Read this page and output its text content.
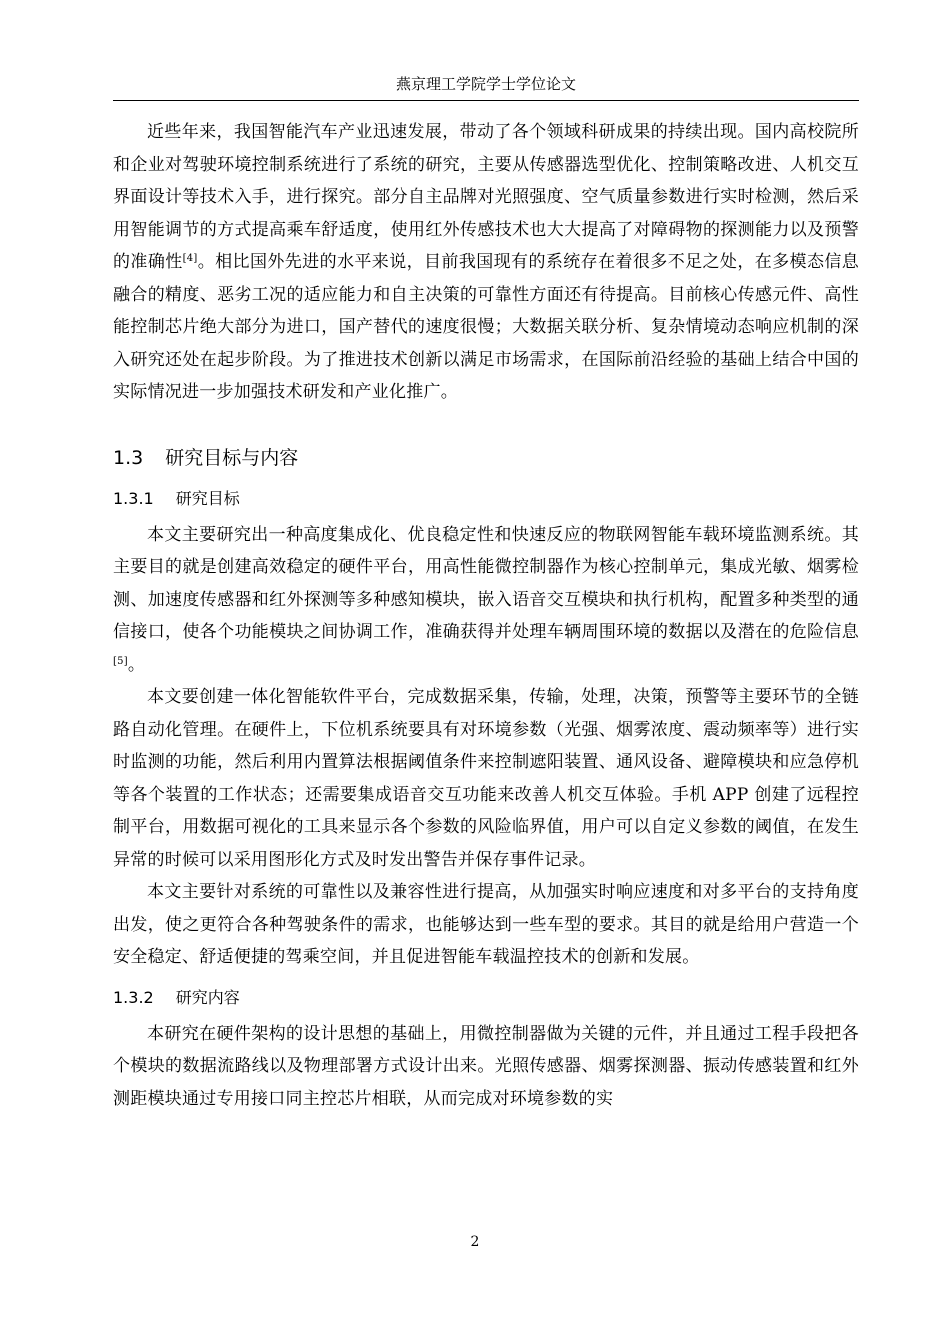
燕京理工学院学士学位论文

近些年来，我国智能汽车产业迅速发展，带动了各个领域科研成果的持续出现。国内高校院所和企业对驾驶环境控制系统进行了系统的研究，主要从传感器选型优化、控制策略改进、人机交互界面设计等技术入手，进行探究。部分自主品牌对光照强度、空气质量参数进行实时检测，然后采用智能调节的方式提高乘车舒适度，使用红外传感技术也大大提高了对障碍物的探测能力以及预警的准确性[4]。相比国外先进的水平来说，目前我国现有的系统存在着很多不足之处，在多模态信息融合的精度、恶劣工况的适应能力和自主决策的可靠性方面还有待提高。目前核心传感元件、高性能控制芯片绝大部分为进口，国产替代的速度很慢；大数据关联分析、复杂情境动态响应机制的深入研究还处在起步阶段。为了推进技术创新以满足市场需求，在国际前沿经验的基础上结合中国的实际情况进一步加强技术研发和产业化推广。

1.3 研究目标与内容
1.3.1 研究目标

本文主要研究出一种高度集成化、优良稳定性和快速反应的物联网智能车载环境监测系统。其主要目的就是创建高效稳定的硬件平台，用高性能微控制器作为核心控制单元，集成光敏、烟雾检测、加速度传感器和红外探测等多种感知模块，嵌入语音交互模块和执行机构，配置多种类型的通信接口，使各个功能模块之间协调工作，准确获得并处理车辆周围环境的数据以及潜在的危险信息[5]。

本文要创建一体化智能软件平台，完成数据采集，传输，处理，决策，预警等主要环节的全链路自动化管理。在硬件上，下位机系统要具有对环境参数（光强、烟雾浓度、震动频率等）进行实时监测的功能，然后利用内置算法根据阈值条件来控制遮阳装置、通风设备、避障模块和应急停机等各个装置的工作状态；还需要集成语音交互功能来改善人机交互体验。手机 APP 创建了远程控制平台，用数据可视化的工具来显示各个参数的风险临界值，用户可以自定义参数的阈值，在发生异常的时候可以采用图形化方式及时发出警告并保存事件记录。

本文主要针对系统的可靠性以及兼容性进行提高，从加强实时响应速度和对多平台的支持角度出发，使之更符合各种驾驶条件的需求，也能够达到一些车型的要求。其目的就是给用户营造一个安全稳定、舒适便捷的驾乘空间，并且促进智能车载温控技术的创新和发展。

1.3.2 研究内容

本研究在硬件架构的设计思想的基础上，用微控制器做为关键的元件，并且通过工程手段把各个模块的数据流路线以及物理部署方式设计出来。光照传感器、烟雾探测器、振动传感装置和红外测距模块通过专用接口同主控芯片相联，从而完成对环境参数的实

2
